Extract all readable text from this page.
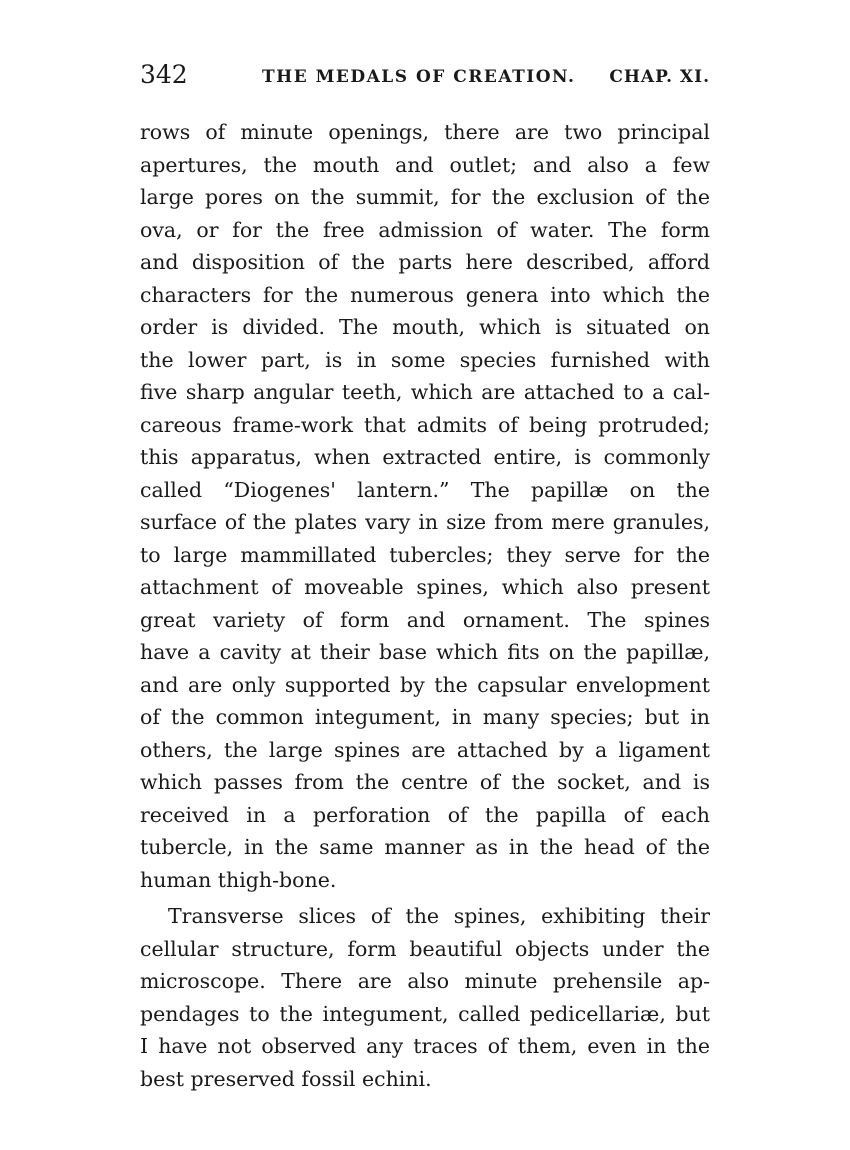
342	THE MEDALS OF CREATION. CHAP. XI.
rows of minute openings, there are two principal
apertures, the mouth and outlet; and also a few
large pores on the summit, for the exclusion of the
ova, or for the free admission of water. The form
and disposition of the parts here described, afford
characters for the numerous genera into which the
order is divided. The mouth, which is situated on
the lower part, is in some species furnished with
five sharp angular teeth, which are attached to a cal-
careous frame-work that admits of being protruded;
this apparatus, when extracted entire, is commonly
called “Diogenes' lantern.” The papillæ on the
surface of the plates vary in size from mere granules,
to large mammillated tubercles; they serve for the
attachment of moveable spines, which also present
great variety of form and ornament. The spines
have a cavity at their base which fits on the papillæ,
and are only supported by the capsular envelopment
of the common integument, in many species; but in
others, the large spines are attached by a ligament
which passes from the centre of the socket, and is
received in a perforation of the papilla of each
tubercle, in the same manner as in the head of the
human thigh-bone.
Transverse slices of the spines, exhibiting their
cellular structure, form beautiful objects under the
microscope. There are also minute prehensile ap-
pendages to the integument, called pedicellariæ, but
I have not observed any traces of them, even in the
best preserved fossil echini.
